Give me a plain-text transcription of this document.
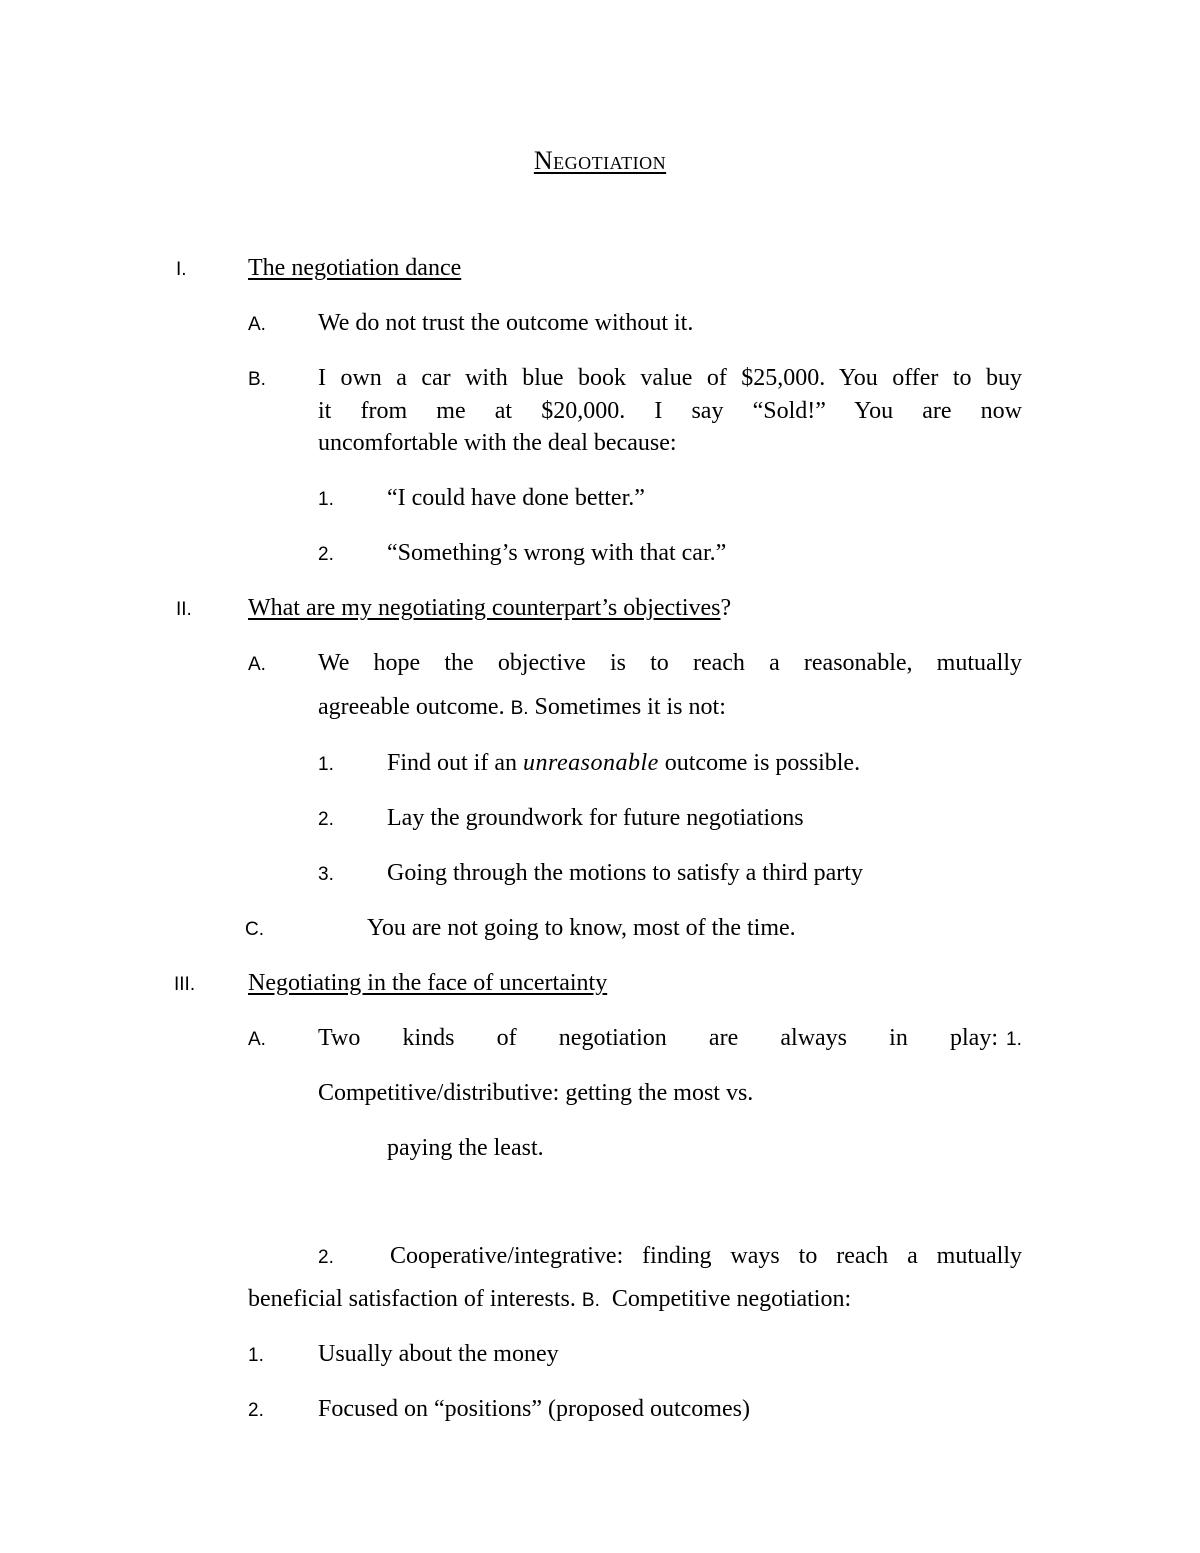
Negotiation
I.	The negotiation dance
A. We do not trust the outcome without it.
B. I own a car with blue book value of $25,000. You offer to buy
it from me at $20,000. I say “Sold!” You are now
uncomfortable with the deal because:
1. “I could have done better.”
2. “Something’s wrong with that car.”
II. What are my negotiating counterpart’s objectives?
A. We hope the objective is to reach a reasonable, mutually
agreeable outcome. B. Sometimes it is not:
1. Find out if an unreasonable outcome is possible.
2. Lay the groundwork for future negotiations
3. Going through the motions to satisfy a third party
C.	You are not going to know, most of the time.
III. Negotiating in the face of uncertainty
A. Two kinds of negotiation are always in play: 1.
Competitive/distributive: getting the most vs.
paying the least.
2. Cooperative/integrative: finding ways to reach a mutually
beneficial satisfaction of interests. B. Competitive negotiation:
1. Usually about the money
2. Focused on “positions” (proposed outcomes)
